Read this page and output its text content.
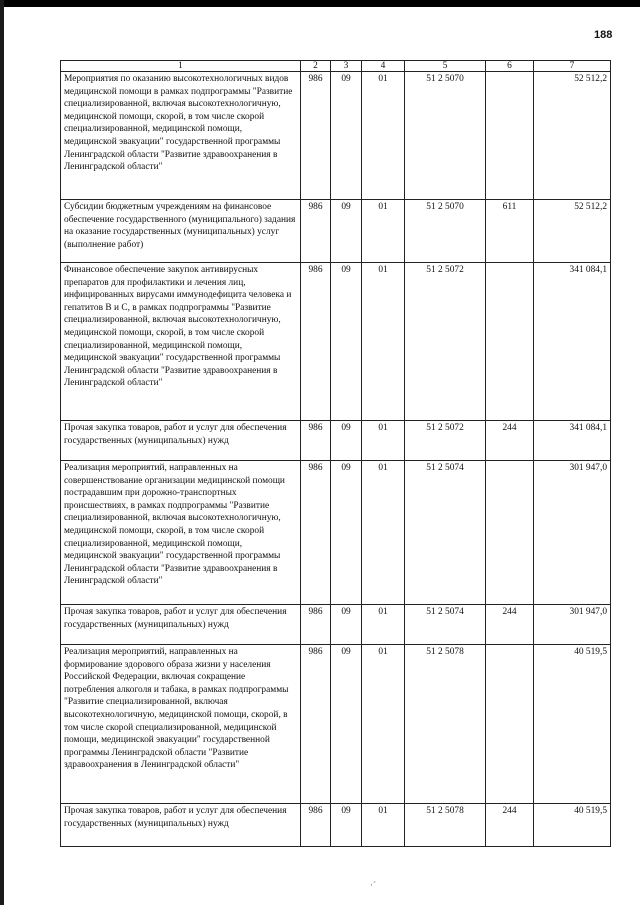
188
1	2	3	4	5	6	7
Мероприятия по оказанию высокотехнологичных видов медицинской помощи в рамках подпрограммы "Развитие специализированной, включая высокотехнологичную, медицинской помощи, скорой, в том числе скорой специализированной, медицинской помощи, медицинской эвакуации" государственной программы Ленинградской области "Развитие здравоохранения в Ленинградской области"	986	09	01	51 2 5070		52 512,2
Субсидии бюджетным учреждениям на финансовое обеспечение государственного (муниципального) задания на оказание государственных (муниципальных) услуг (выполнение работ)	986	09	01	51 2 5070	611	52 512,2
Финансовое обеспечение закупок антивирусных препаратов для профилактики и лечения лиц, инфицированных вирусами иммунодефицита человека и гепатитов В и С, в рамках подпрограммы "Развитие специализированной, включая высокотехнологичную, медицинской помощи, скорой, в том числе скорой специализированной, медицинской помощи, медицинской эвакуации" государственной программы Ленинградской области "Развитие здравоохранения в Ленинградской области"	986	09	01	51 2 5072		341 084,1
Прочая закупка товаров, работ и услуг для обеспечения государственных (муниципальных) нужд	986	09	01	51 2 5072	244	341 084,1
Реализация мероприятий, направленных на совершенствование организации медицинской помощи пострадавшим при дорожно-транспортных происшествиях, в рамках подпрограммы "Развитие специализированной, включая высокотехнологичную, медицинской помощи, скорой, в том числе скорой специализированной, медицинской помощи, медицинской эвакуации" государственной программы Ленинградской области "Развитие здравоохранения в Ленинградской области"	986	09	01	51 2 5074		301 947,0
Прочая закупка товаров, работ и услуг для обеспечения государственных (муниципальных) нужд	986	09	01	51 2 5074	244	301 947,0
Реализация мероприятий, направленных на формирование здорового образа жизни у населения Российской Федерации, включая сокращение потребления алкоголя и табака, в рамках подпрограммы "Развитие специализированной, включая высокотехнологичную, медицинской помощи, скорой, в том числе скорой специализированной, медицинской помощи, медицинской эвакуации" государственной программы Ленинградской области "Развитие здравоохранения в Ленинградской области"	986	09	01	51 2 5078		40 519,5
Прочая закупка товаров, работ и услуг для обеспечения государственных (муниципальных) нужд	986	09	01	51 2 5078	244	40 519,5
·ˊ
